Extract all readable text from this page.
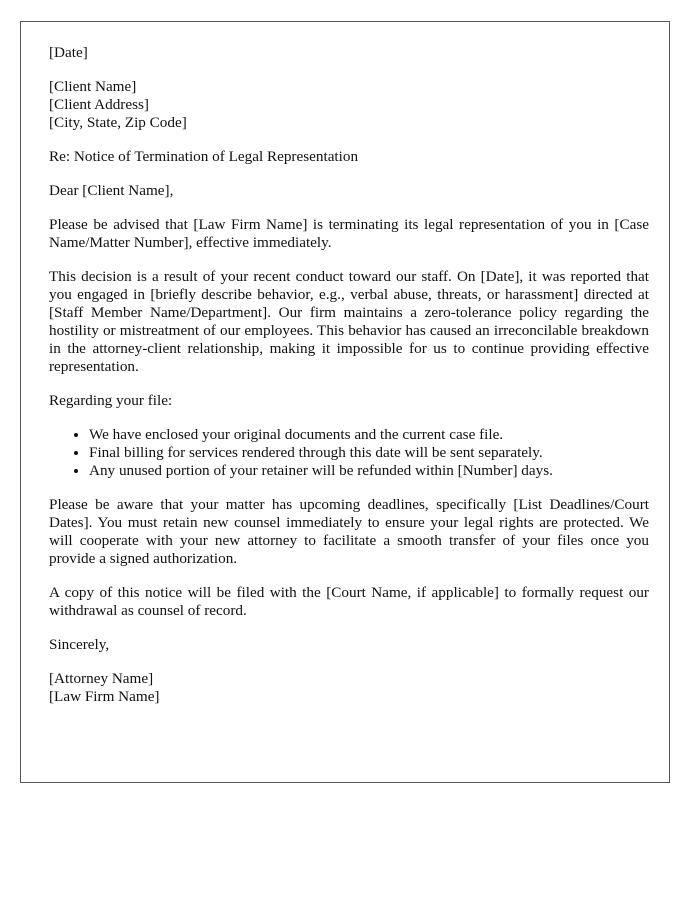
[Date]
[Client Name]
[Client Address]
[City, State, Zip Code]
Re: Notice of Termination of Legal Representation
Dear [Client Name],

Please be advised that [Law Firm Name] is terminating its legal representation of you in [Case Name/Matter Number], effective immediately.

This decision is a result of your recent conduct toward our staff. On [Date], it was reported that you engaged in [briefly describe behavior, e.g., verbal abuse, threats, or harassment] directed at [Staff Member Name/Department]. Our firm maintains a zero-tolerance policy regarding the hostility or mistreatment of our employees. This behavior has caused an irreconcilable breakdown in the attorney-client relationship, making it impossible for us to continue providing effective representation.

Regarding your file:
• We have enclosed your original documents and the current case file.
• Final billing for services rendered through this date will be sent separately.
• Any unused portion of your retainer will be refunded within [Number] days.

Please be aware that your matter has upcoming deadlines, specifically [List Deadlines/Court Dates]. You must retain new counsel immediately to ensure your legal rights are protected. We will cooperate with your new attorney to facilitate a smooth transfer of your files once you provide a signed authorization.

A copy of this notice will be filed with the [Court Name, if applicable] to formally request our withdrawal as counsel of record.

Sincerely,
[Attorney Name]
[Law Firm Name]
